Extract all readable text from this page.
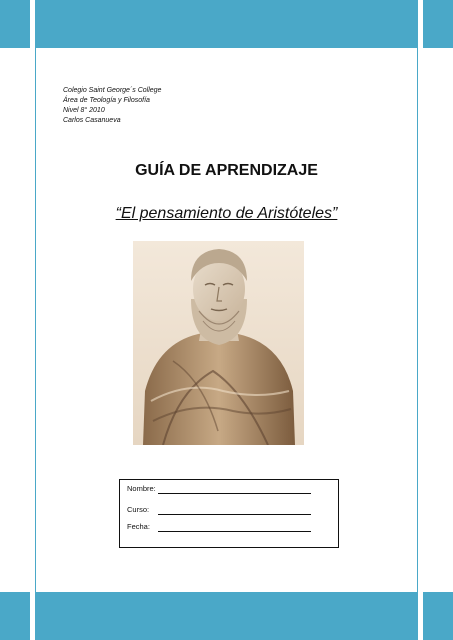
Colegio Saint George´s College
Área de Teología y Filosofía
Nivel 8° 2010
Carlos Casanueva
GUÍA DE APRENDIZAJE
“El pensamiento de Aristóteles”
Nombre:
Curso:
Fecha:
